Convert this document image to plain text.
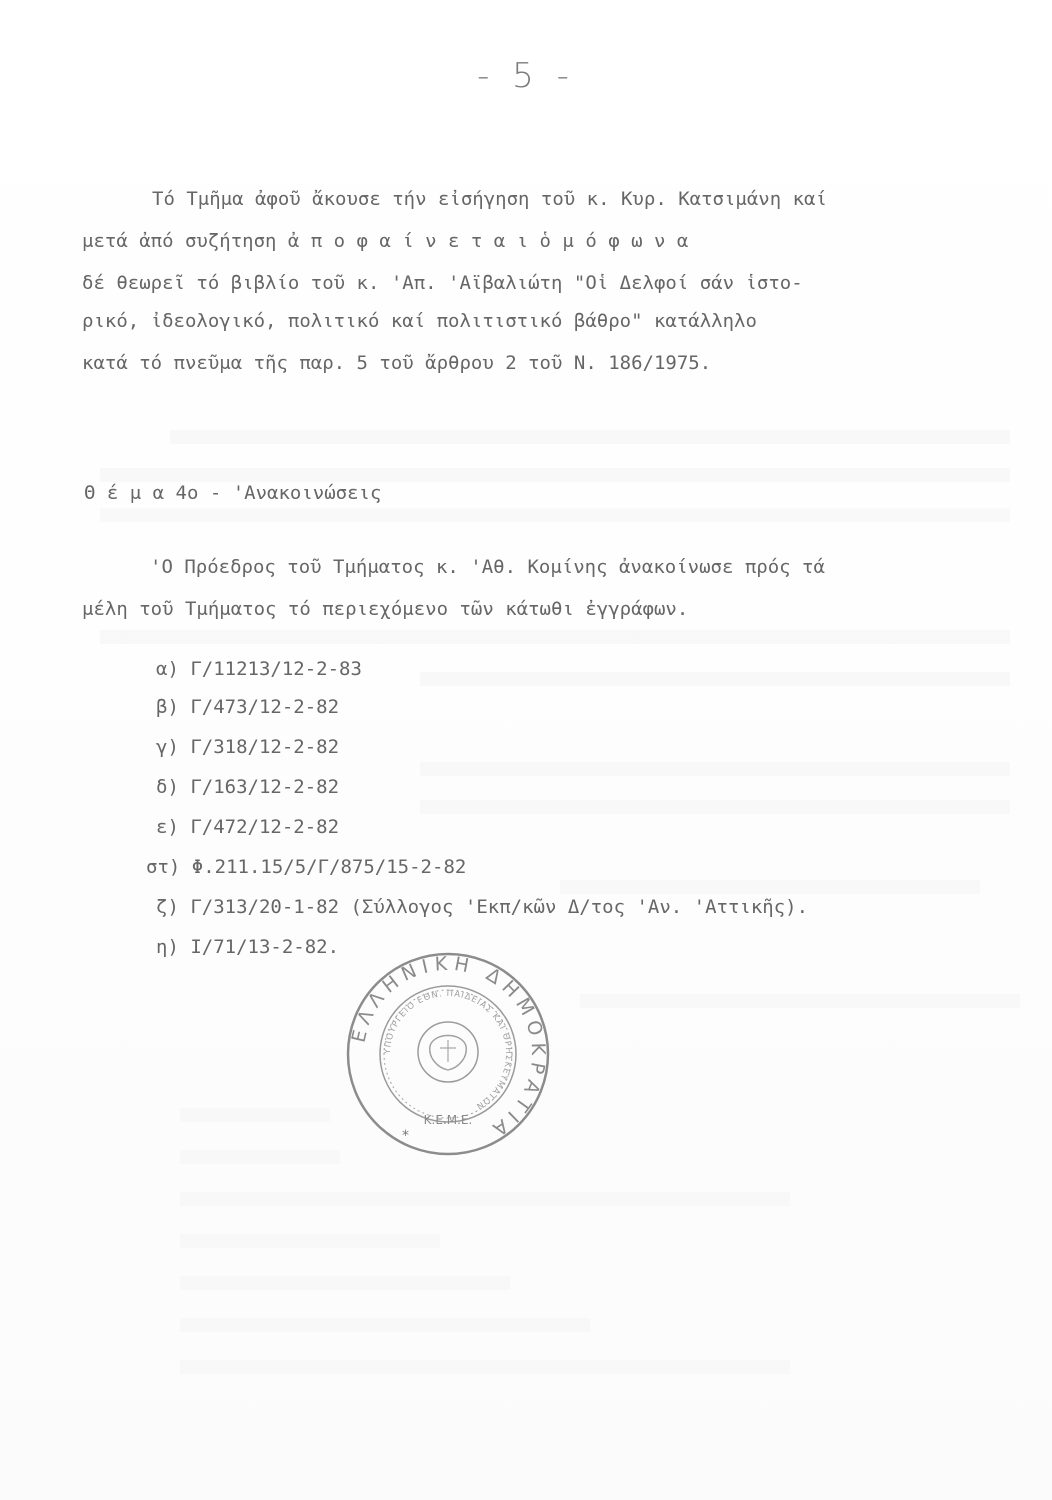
- 5 -
Τό Τμῆμα ἀφοῦ ἄκουσε τήν εἰσήγηση τοῦ κ. Κυρ. Κατσιμάνη καί
μετά ἀπό συζήτηση ἀ π ο φ α ί ν ε τ α ι ὁ μ ό φ ω ν α
δέ θεωρεῖ τό βιβλίο τοῦ κ. 'Απ. 'Αϊβαλιώτη "Οἱ Δελφοί σάν ἱστο-
ρικό, ἰδεολογικό, πολιτικό καί πολιτιστικό βάθρο" κατάλληλο
κατά τό πνεῦμα τῆς παρ. 5 τοῦ ἄρθρου 2 τοῦ Ν. 186/1975.
Θ έ μ α 4ο - 'Ανακοινώσεις
'Ο Πρόεδρος τοῦ Τμήματος κ. 'Αθ. Κομίνης ἀνακοίνωσε πρός τά
μέλη τοῦ Τμήματος τό περιεχόμενο τῶν κάτωθι ἐγγράφων.
α) Γ/11213/12-2-83
β) Γ/473/12-2-82
γ) Γ/318/12-2-82
δ) Γ/163/12-2-82
ε) Γ/472/12-2-82
στ) Φ.211.15/5/Γ/875/15-2-82
ζ) Γ/313/20-1-82 (Σύλλογος 'Εκπ/κῶν Δ/τος 'Αν. 'Αττικῆς).
η) Ι/71/13-2-82.
ΕΛΛΗΝΙΚΗ ΔΗΜΟΚΡΑΤΙΑ
ΥΠΟΥΡΓΕΙΟ ΕΘΝ. ΠΑΙΔΕΙΑΣ ΚΑΙ ΘΡΗΣΚΕΥΜΑΤΩΝ
Κ.Ε.Μ.Ε.
*
